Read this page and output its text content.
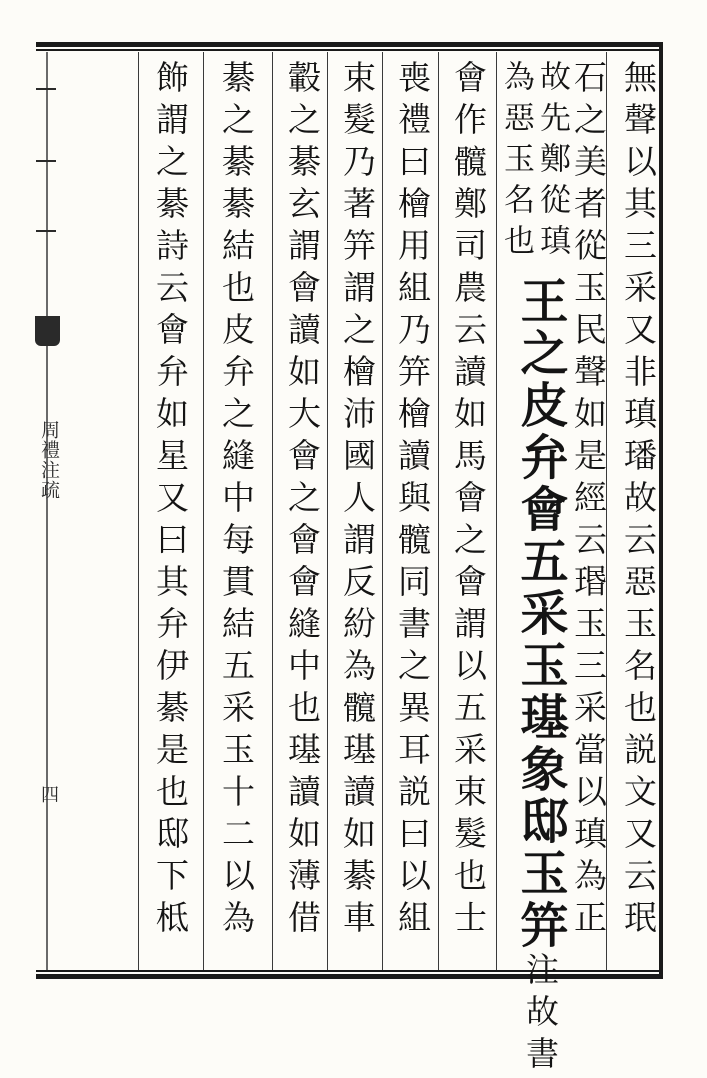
周禮注疏
四	無聲以其三采又非瑱璠故云惡玉名也説文又云珉
石之美者從玉民聲如是經云瑉玉三采當以瑱為正
故先鄭從瑱
為惡玉名也
王之皮弁會五采玉璂象邸玉笄注故書
會作髖鄭司農云讀如馬會之會謂以五采束髮也士
喪禮曰檜用組乃笄檜讀與髖同書之異耳説曰以組
束髮乃著笄謂之檜沛國人謂反紛為髖璂讀如綦車
轂之綦玄謂會讀如大會之會會縫中也璂讀如薄借
綦之綦綦結也皮弁之縫中每貫結五采玉十二以為
飾謂之綦詩云會弁如星又曰其弁伊綦是也邸下柢
